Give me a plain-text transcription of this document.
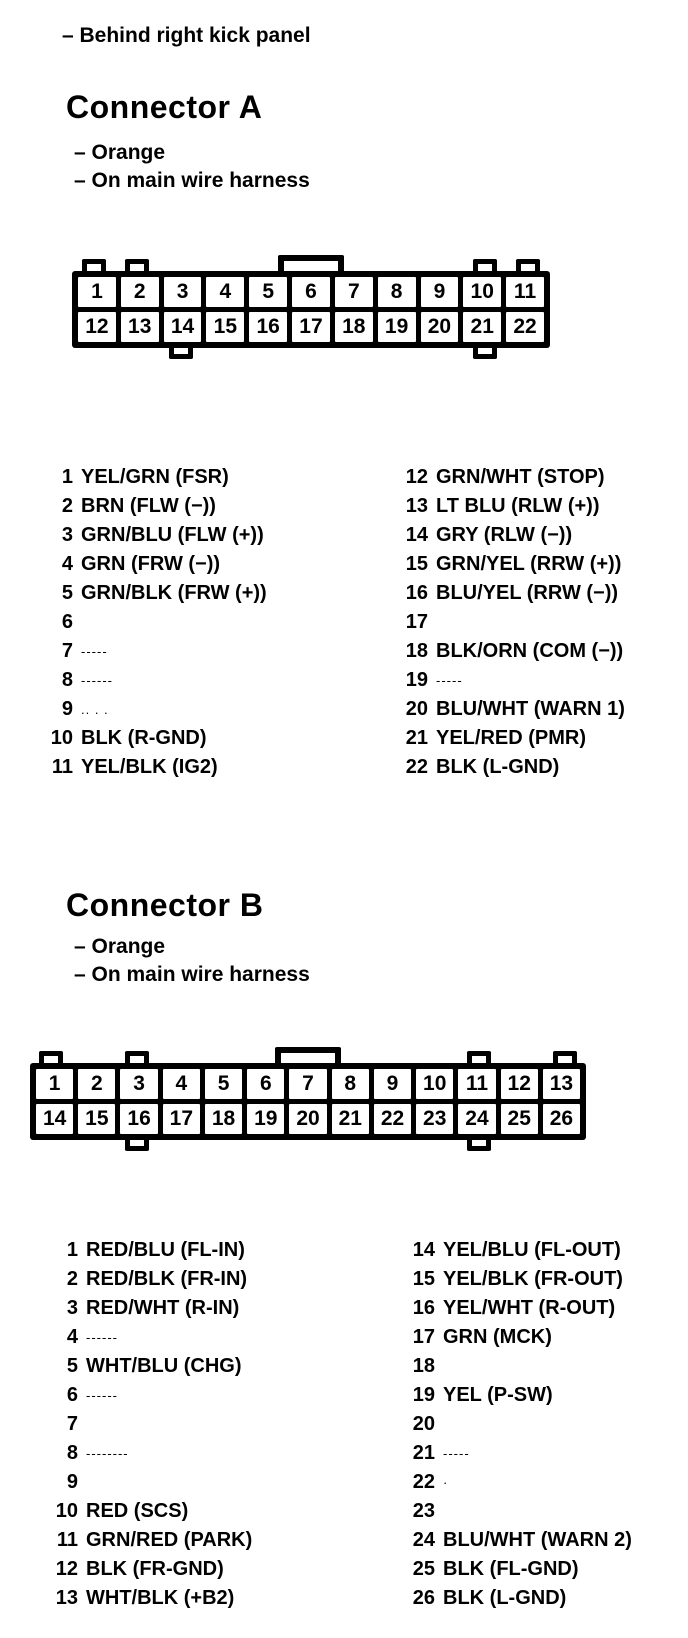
– Behind right kick panel
Connector A
– Orange
– On main wire harness
1	2	3	4	5	6	7	8	9	10 11
12 13 14 15 16 17 18 19 20 21 22
1 YEL/GRN (FSR)
2 BRN (FLW (−))
3 GRN/BLU (FLW (+))
4 GRN (FRW (−))
5 GRN/BLK (FRW (+))
6
7 -----
8 ------
9 .. . .
10 BLK (R-GND)
11 YEL/BLK (IG2)
12 GRN/WHT (STOP)
13 LT BLU (RLW (+))
14 GRY (RLW (−))
15 GRN/YEL (RRW (+))
16 BLU/YEL (RRW (−))
17
18 BLK/ORN (COM (−))
19 -----
20 BLU/WHT (WARN 1)
21 YEL/RED (PMR)
22 BLK (L-GND)
Connector B
– Orange
– On main wire harness
1	2	3	4	5	6	7	8	9	10 11 12 13
14 15 16 17 18 19 20 21 22 23 24 25 26
1 RED/BLU (FL-IN)
2 RED/BLK (FR-IN)
3 RED/WHT (R-IN)
4 ------
5 WHT/BLU (CHG)
6 ------
7
8 --------
9
10 RED (SCS)
11 GRN/RED (PARK)
12 BLK (FR-GND)
13 WHT/BLK (+B2)
14 YEL/BLU (FL-OUT)
15 YEL/BLK (FR-OUT)
16 YEL/WHT (R-OUT)
17 GRN (MCK)
18
19 YEL (P-SW)
20
21 -----
22 ·
23
24 BLU/WHT (WARN 2)
25 BLK (FL-GND)
26 BLK (L-GND)
